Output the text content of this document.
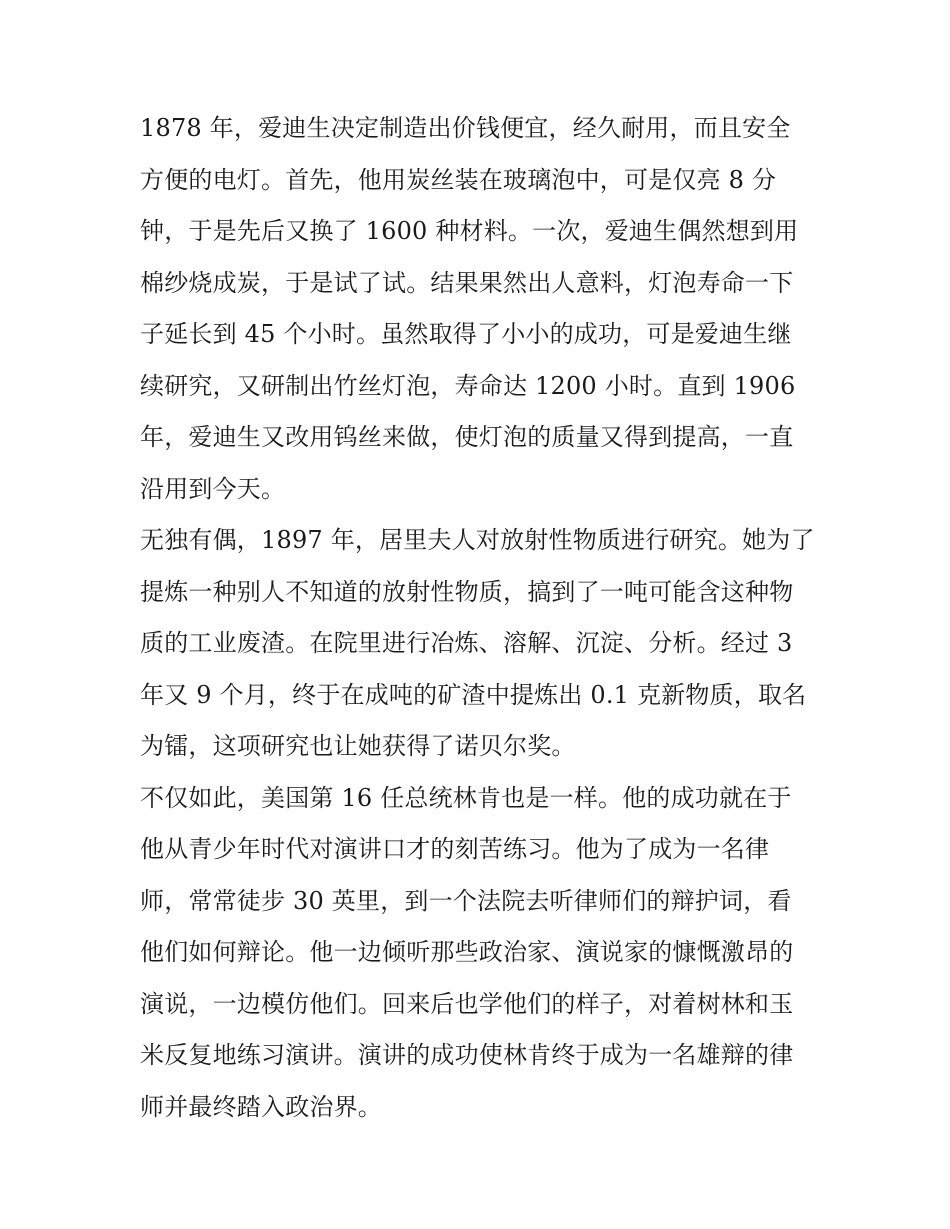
1878 年，爱迪生决定制造出价钱便宜，经久耐用，而且安全
方便的电灯。首先，他用炭丝装在玻璃泡中，可是仅亮 8 分
钟，于是先后又换了 1600 种材料。一次，爱迪生偶然想到用
棉纱烧成炭，于是试了试。结果果然出人意料，灯泡寿命一下
子延长到 45 个小时。虽然取得了小小的成功，可是爱迪生继
续研究，又研制出竹丝灯泡，寿命达 1200 小时。直到 1906
年，爱迪生又改用钨丝来做，使灯泡的质量又得到提高，一直
沿用到今天。
无独有偶，1897 年，居里夫人对放射性物质进行研究。她为了
提炼一种别人不知道的放射性物质，搞到了一吨可能含这种物
质的工业废渣。在院里进行冶炼、溶解、沉淀、分析。经过 3
年又 9 个月，终于在成吨的矿渣中提炼出 0.1 克新物质，取名
为镭，这项研究也让她获得了诺贝尔奖。
不仅如此，美国第 16 任总统林肯也是一样。他的成功就在于
他从青少年时代对演讲口才的刻苦练习。他为了成为一名律
师，常常徒步 30 英里，到一个法院去听律师们的辩护词，看
他们如何辩论。他一边倾听那些政治家、演说家的慷慨激昂的
演说，一边模仿他们。回来后也学他们的样子，对着树林和玉
米反复地练习演讲。演讲的成功使林肯终于成为一名雄辩的律
师并最终踏入政治界。
